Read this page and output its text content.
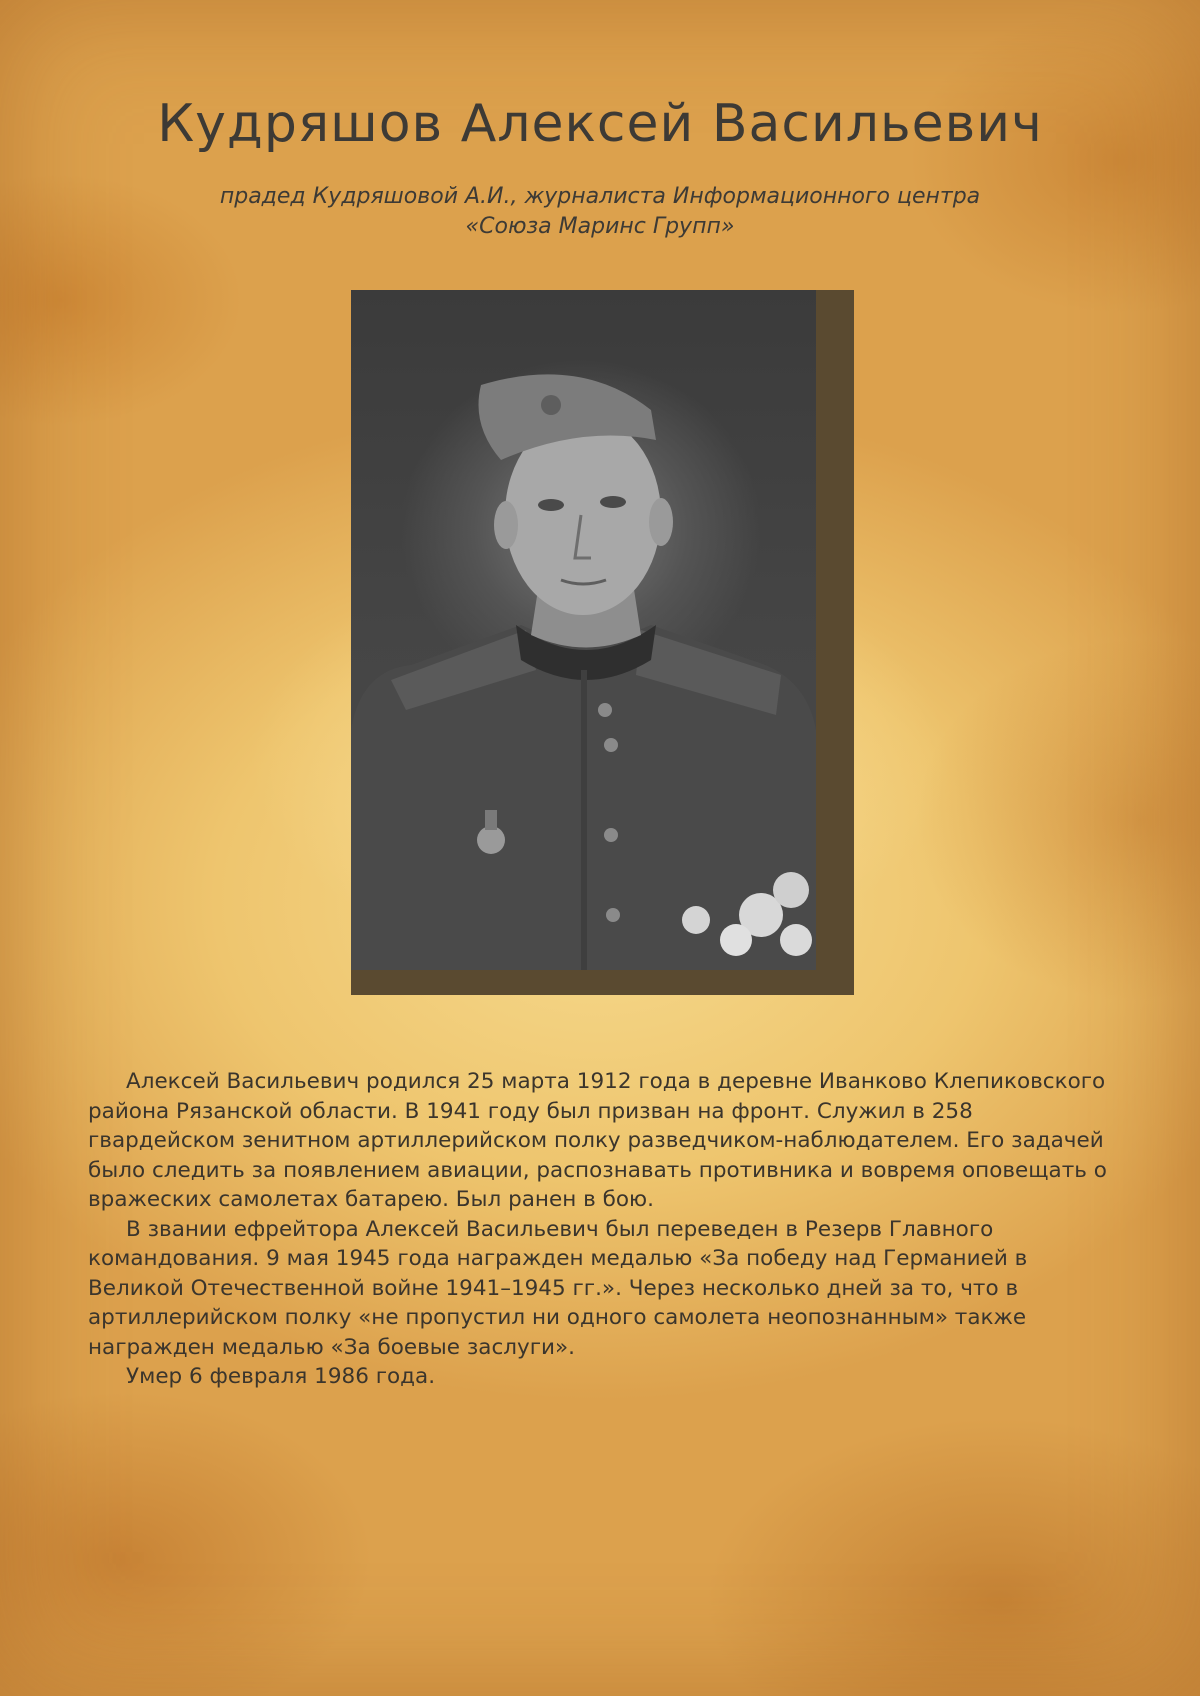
Кудряшов Алексей Васильевич
прадед Кудряшовой А.И., журналиста Информационного центра
«Союза Маринс Групп»

Алексей Васильевич родился 25 марта 1912 года в деревне Иванково Клепиковского района Рязанской области. В 1941 году был призван на фронт. Служил в 258 гвардейском зенитном артиллерийском полку разведчиком-наблюдателем. Его задачей было следить за появлением авиации, распознавать противника и вовремя оповещать о вражеских самолетах батарею. Был ранен в бою.

В звании ефрейтора Алексей Васильевич был переведен в Резерв Главного командования. 9 мая 1945 года награжден медалью «За победу над Германией в Великой Отечественной войне 1941–1945 гг.». Через несколько дней за то, что в артиллерийском полку «не пропустил ни одного самолета неопознанным» также награжден медалью «За боевые заслуги».

Умер 6 февраля 1986 года.
